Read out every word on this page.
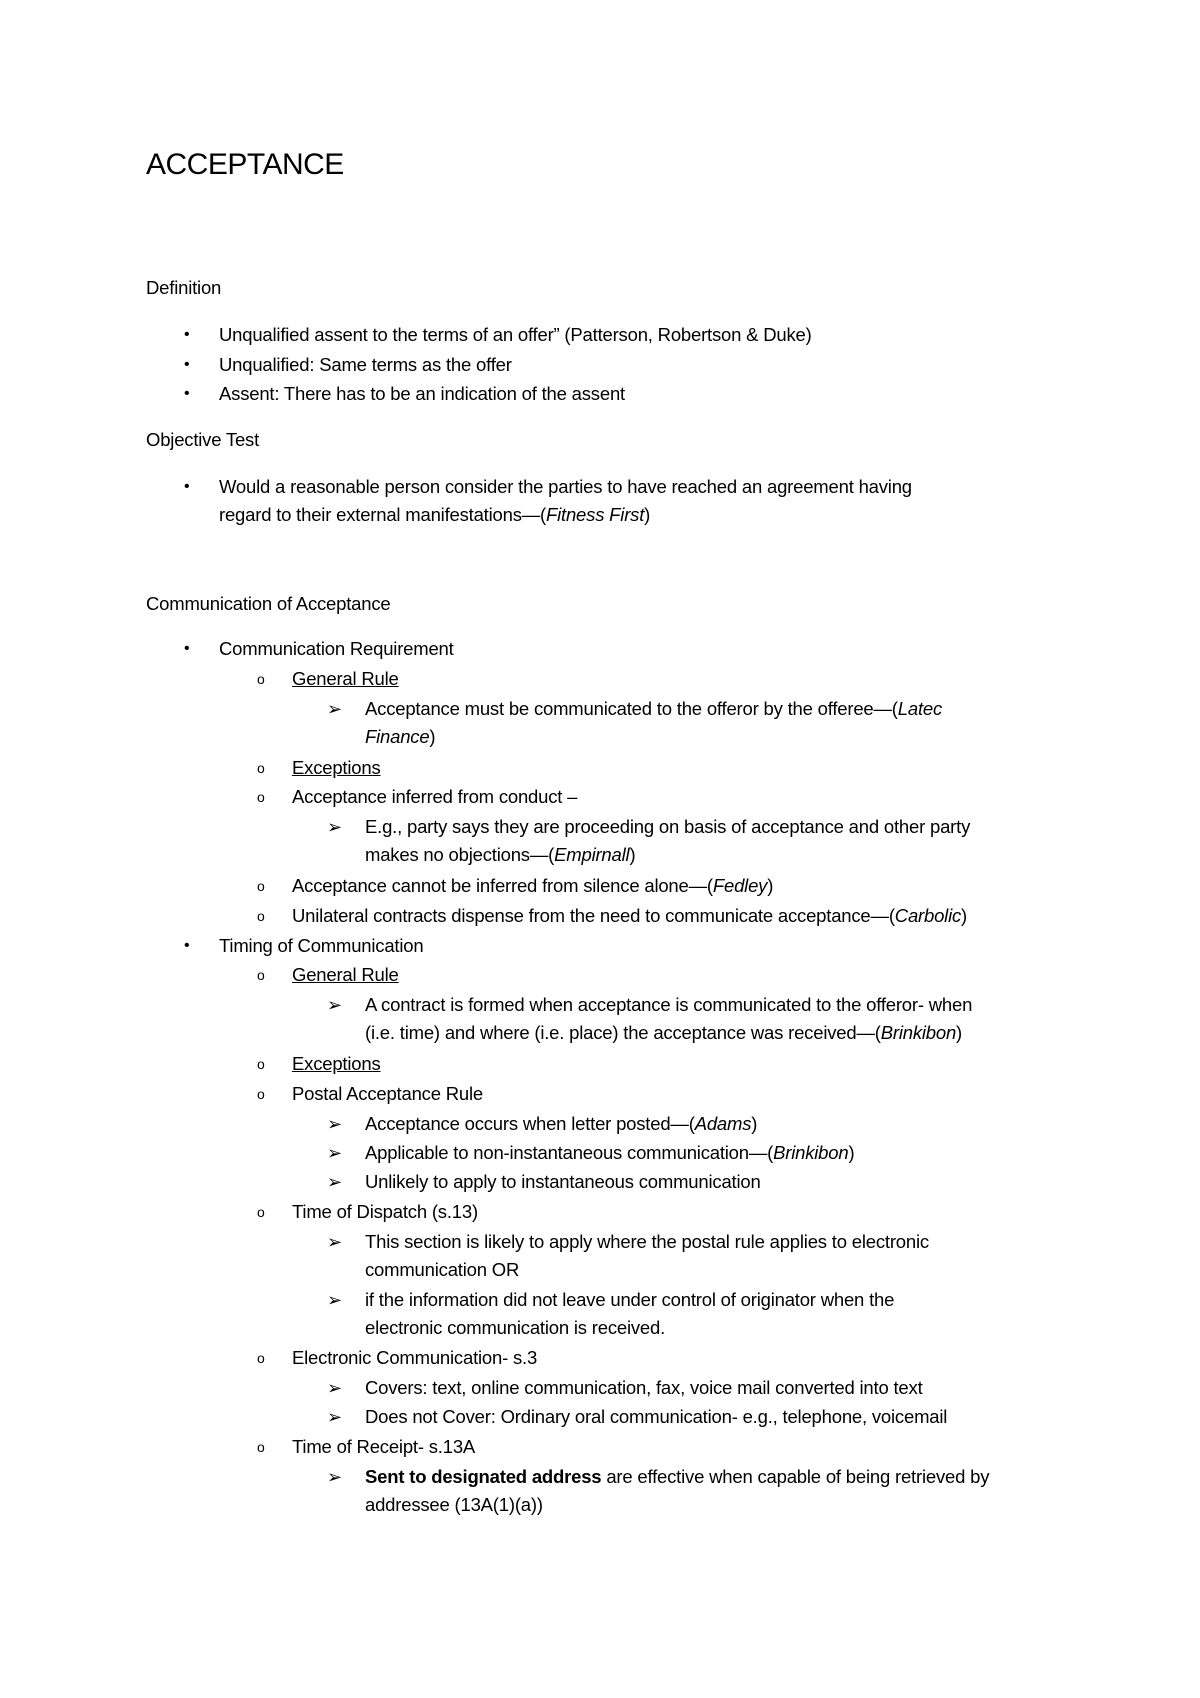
ACCEPTANCE
Definition
• Unqualified assent to the terms of an offer” (Patterson, Robertson & Duke)
• Unqualified: Same terms as the offer
• Assent: There has to be an indication of the assent
Objective Test
• Would a reasonable person consider the parties to have reached an agreement having
regard to their external manifestations—(Fitness First)
Communication of Acceptance
• Communication Requirement
o General Rule
➢ Acceptance must be communicated to the offeror by the offeree—(Latec
Finance)
o Exceptions
o Acceptance inferred from conduct –
➢ E.g., party says they are proceeding on basis of acceptance and other party
makes no objections—(Empirnall)
o Acceptance cannot be inferred from silence alone—(Fedley)
o Unilateral contracts dispense from the need to communicate acceptance—(Carbolic)
• Timing of Communication
o General Rule
➢ A contract is formed when acceptance is communicated to the offeror- when
(i.e. time) and where (i.e. place) the acceptance was received—(Brinkibon)
o Exceptions
o Postal Acceptance Rule
➢ Acceptance occurs when letter posted—(Adams)
➢ Applicable to non-instantaneous communication—(Brinkibon)
➢ Unlikely to apply to instantaneous communication
o Time of Dispatch (s.13)
➢ This section is likely to apply where the postal rule applies to electronic
communication OR
➢ if the information did not leave under control of originator when the
electronic communication is received.
o Electronic Communication- s.3
➢ Covers: text, online communication, fax, voice mail converted into text
➢ Does not Cover: Ordinary oral communication- e.g., telephone, voicemail
o Time of Receipt- s.13A
➢ Sent to designated address are effective when capable of being retrieved by
addressee (13A(1)(a))
